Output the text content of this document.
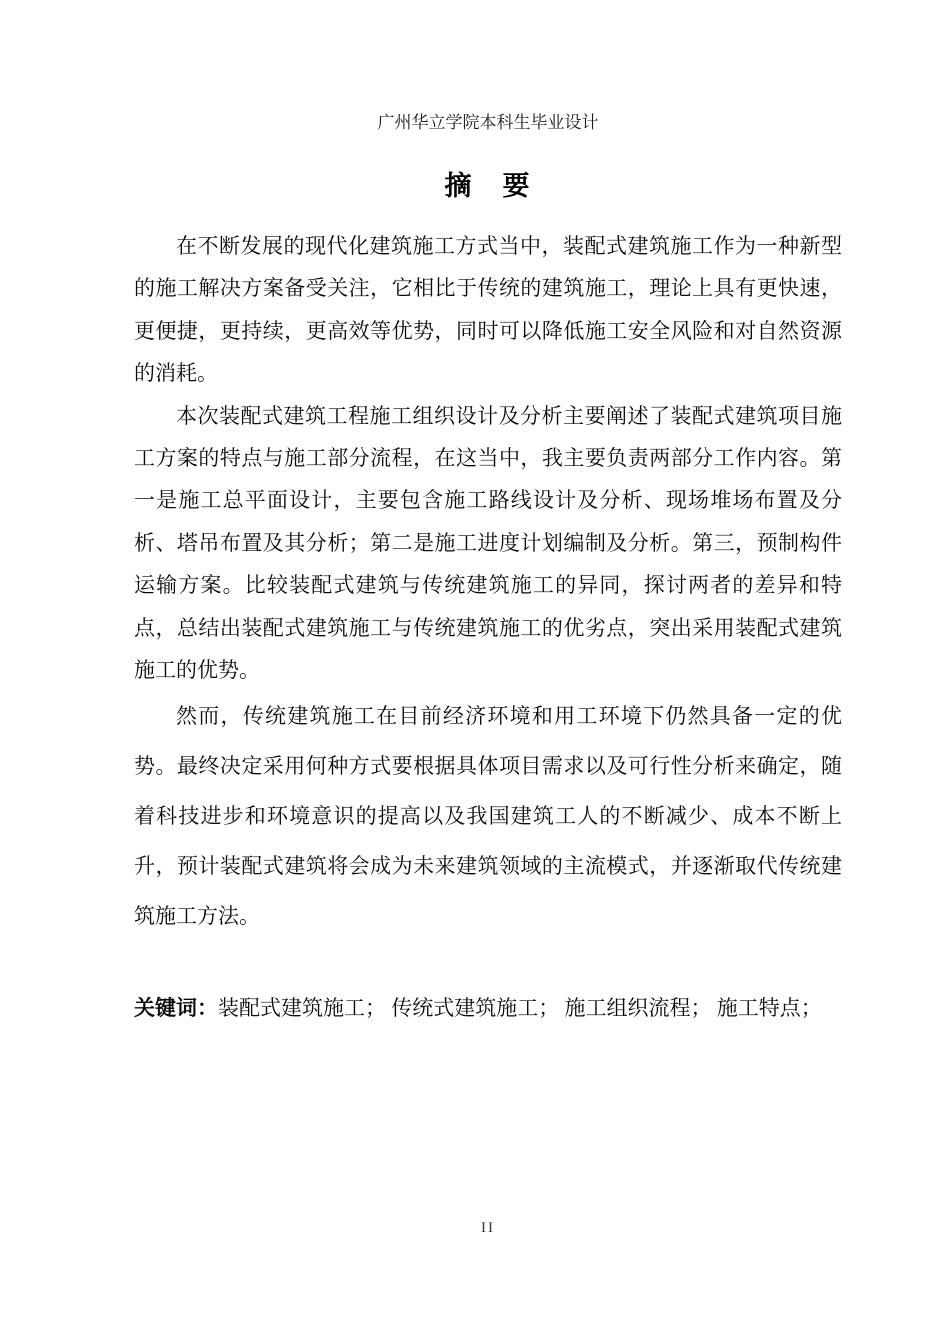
广州华立学院本科生毕业设计
摘　要

在不断发展的现代化建筑施工方式当中，装配式建筑施工作为一种新型的施工解决方案备受关注，它相比于传统的建筑施工，理论上具有更快速，更便捷，更持续，更高效等优势，同时可以降低施工安全风险和对自然资源的消耗。

本次装配式建筑工程施工组织设计及分析主要阐述了装配式建筑项目施工方案的特点与施工部分流程，在这当中，我主要负责两部分工作内容。第一是施工总平面设计，主要包含施工路线设计及分析、现场堆场布置及分析、塔吊布置及其分析；第二是施工进度计划编制及分析。第三，预制构件运输方案。比较装配式建筑与传统建筑施工的异同，探讨两者的差异和特点，总结出装配式建筑施工与传统建筑施工的优劣点，突出采用装配式建筑施工的优势。

然而，传统建筑施工在目前经济环境和用工环境下仍然具备一定的优势。最终决定采用何种方式要根据具体项目需求以及可行性分析来确定，随着科技进步和环境意识的提高以及我国建筑工人的不断减少、成本不断上升，预计装配式建筑将会成为未来建筑领域的主流模式，并逐渐取代传统建筑施工方法。

关键词：装配式建筑施工； 传统式建筑施工； 施工组织流程； 施工特点；

II
